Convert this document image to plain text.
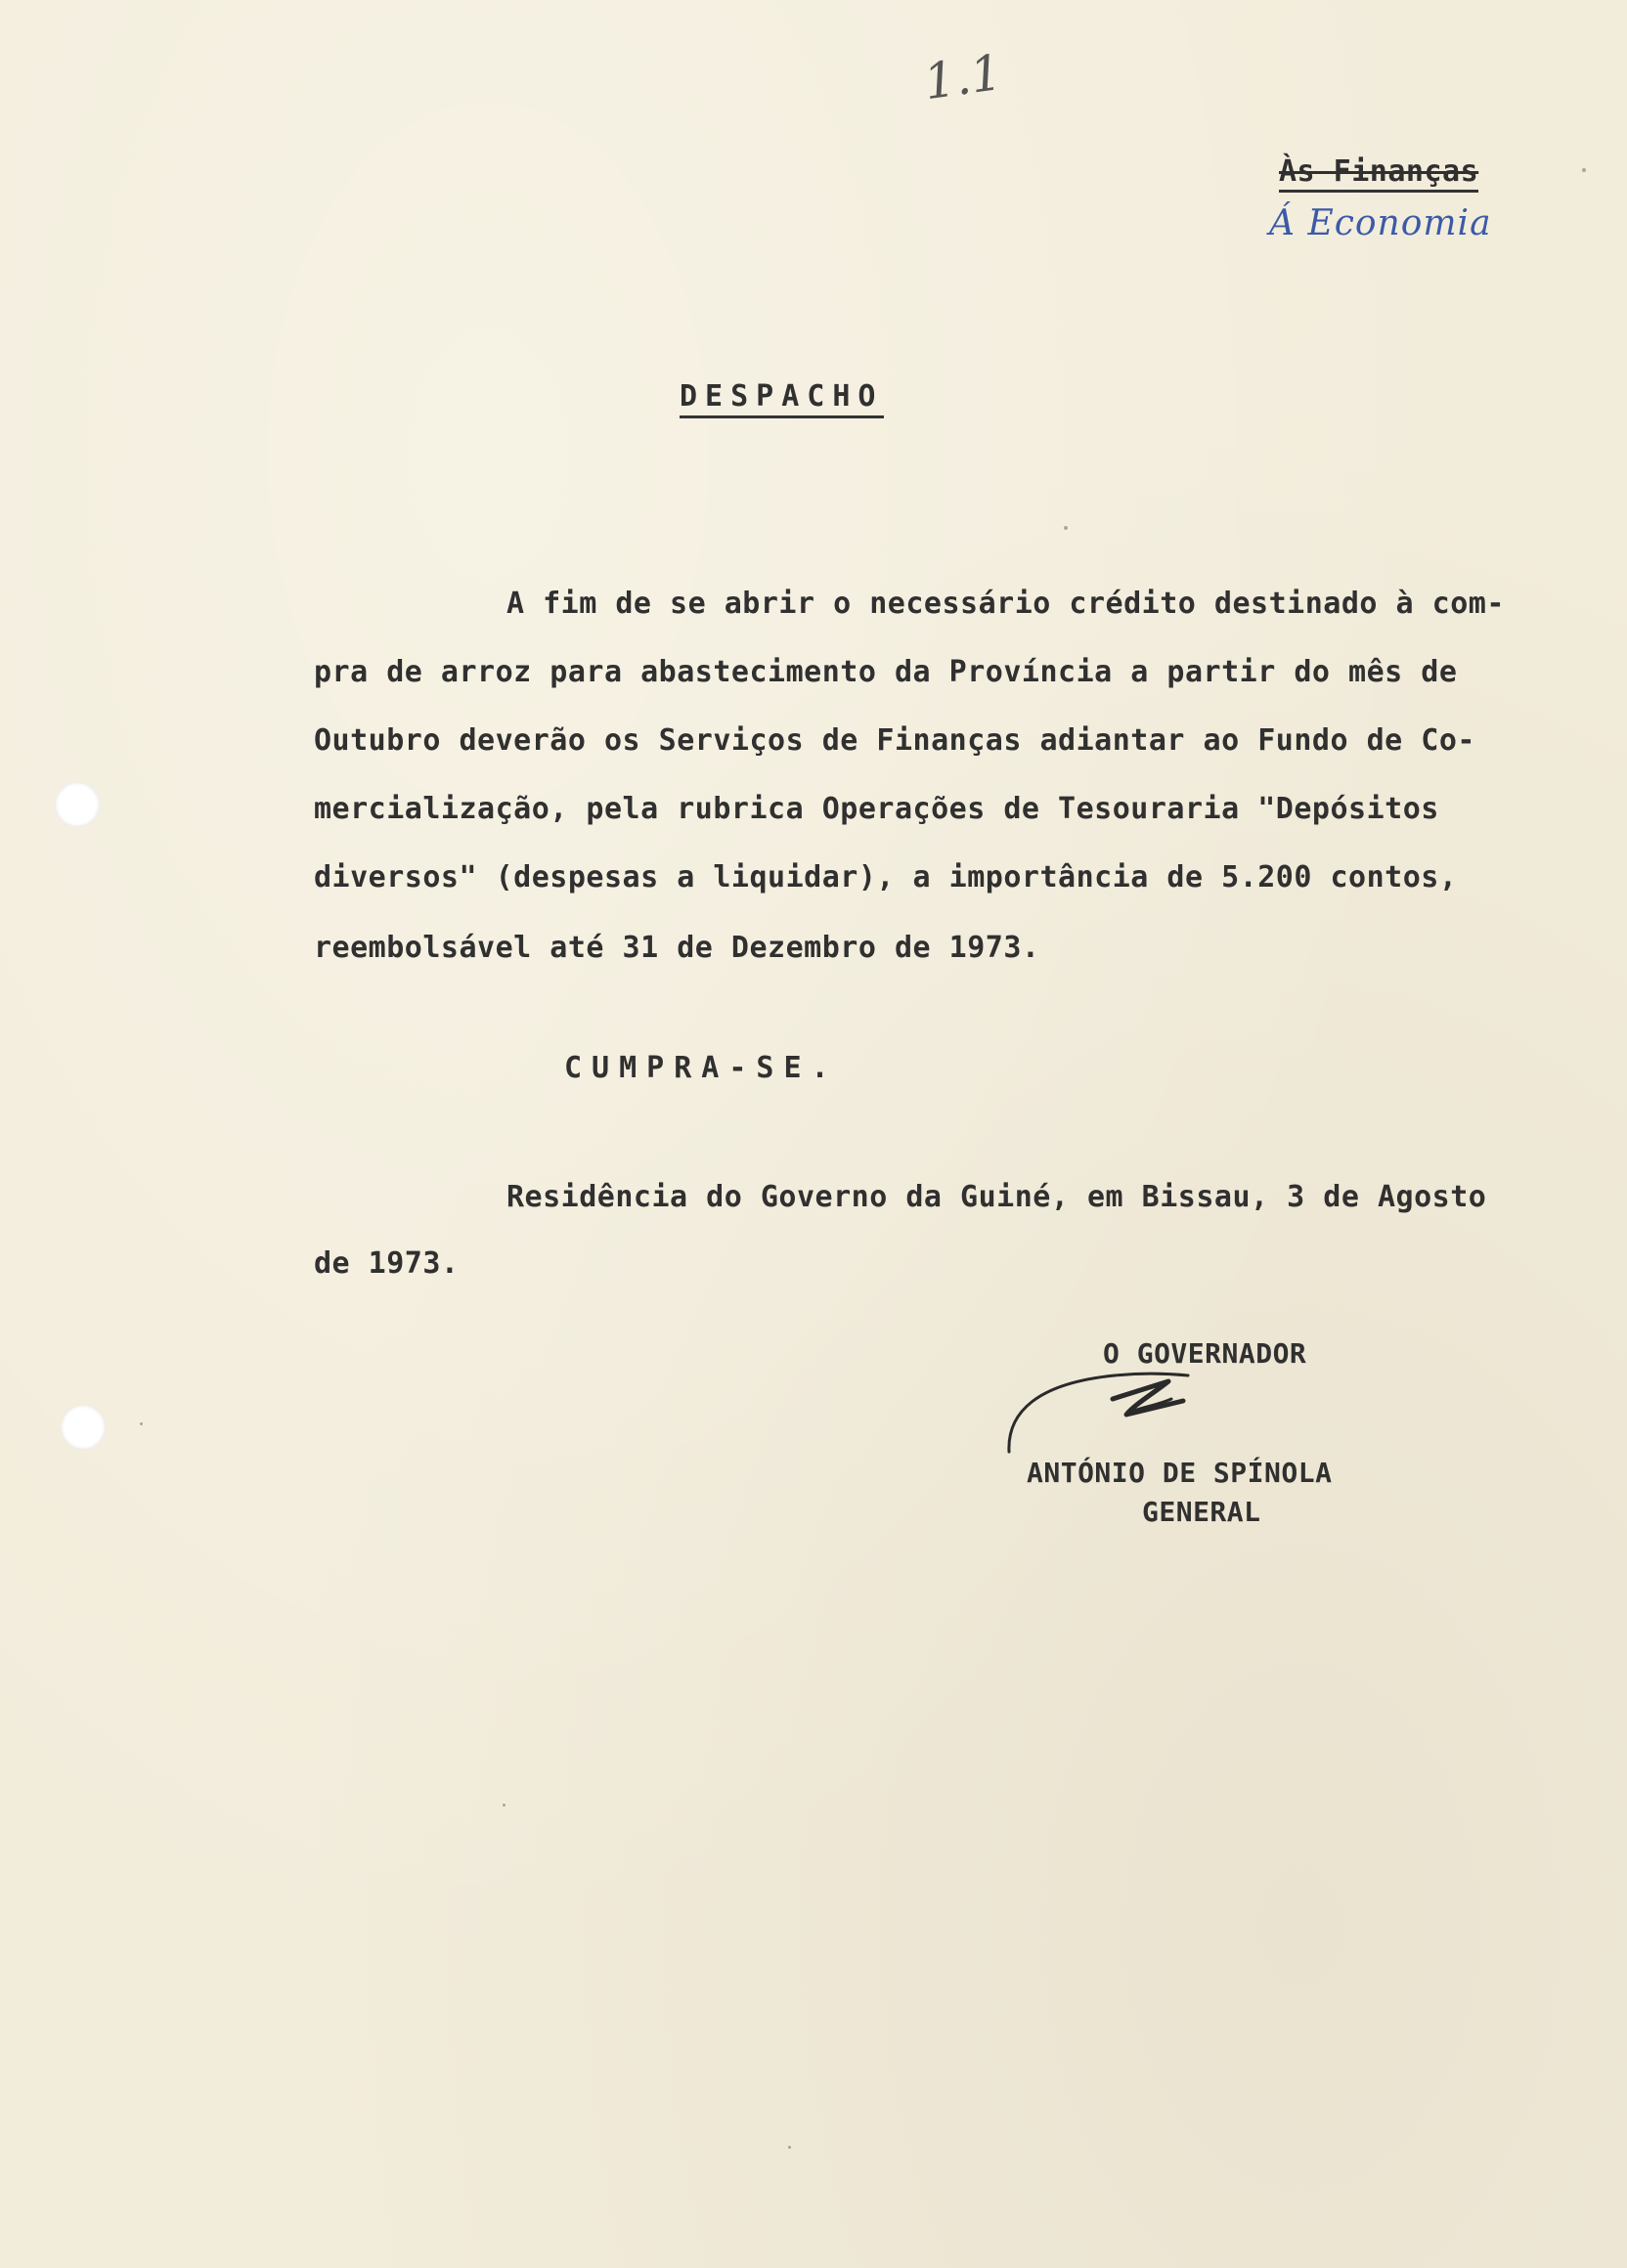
1.1
Às Finanças
Á Economia
DESPACHO
A fim de se abrir o necessário crédito destinado à com-
pra de arroz para abastecimento da Província a partir do mês de
Outubro deverão os Serviços de Finanças adiantar ao Fundo de Co-
mercialização, pela rubrica Operações de Tesouraria "Depósitos
diversos" (despesas a liquidar), a importância de 5.200 contos,
reembolsável até 31 de Dezembro de 1973.
CUMPRA-SE.
Residência do Governo da Guiné, em Bissau, 3 de Agosto
de 1973.
O GOVERNADOR
ANTÓNIO DE SPÍNOLA
GENERAL
